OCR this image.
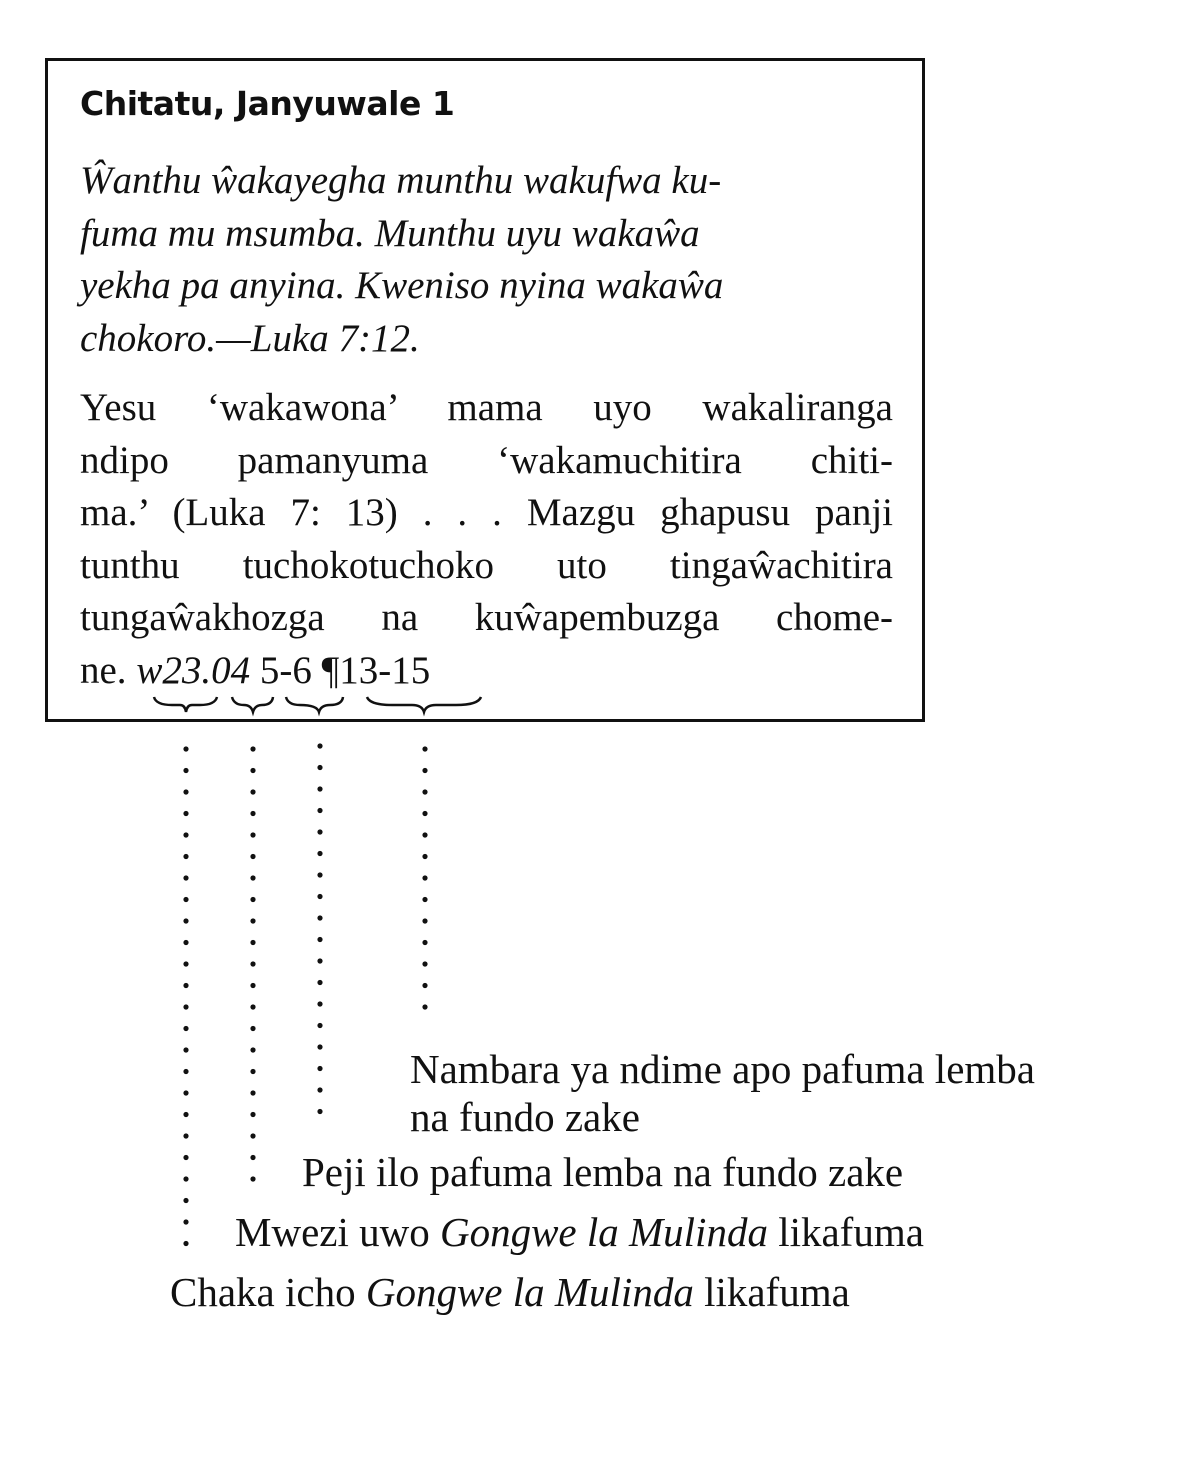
Chitatu, Janyuwale 1
Ŵanthu ŵakayegha munthu wakufwa ku-
fuma mu msumba. Munthu uyu wakaŵa
yekha pa anyina. Kweniso nyina wakaŵa
chokoro.—Luka 7:12.
Yesu ‘wakawona’ mama uyo wakaliranga
ndipo pamanyuma ‘wakamuchitira chiti-
ma.’ (Luka 7: 13) . . . Mazgu ghapusu panji
tunthu tuchokotuchoko uto tingaŵachitira
tungaŵakhozga na kuŵapembuzga chome-
ne. w23.04 5-6 ¶13-15
Nambara ya ndime apo pafuma lemba
na fundo zake
Peji ilo pafuma lemba na fundo zake
Mwezi uwo Gongwe la Mulinda likafuma
Chaka icho Gongwe la Mulinda likafuma
